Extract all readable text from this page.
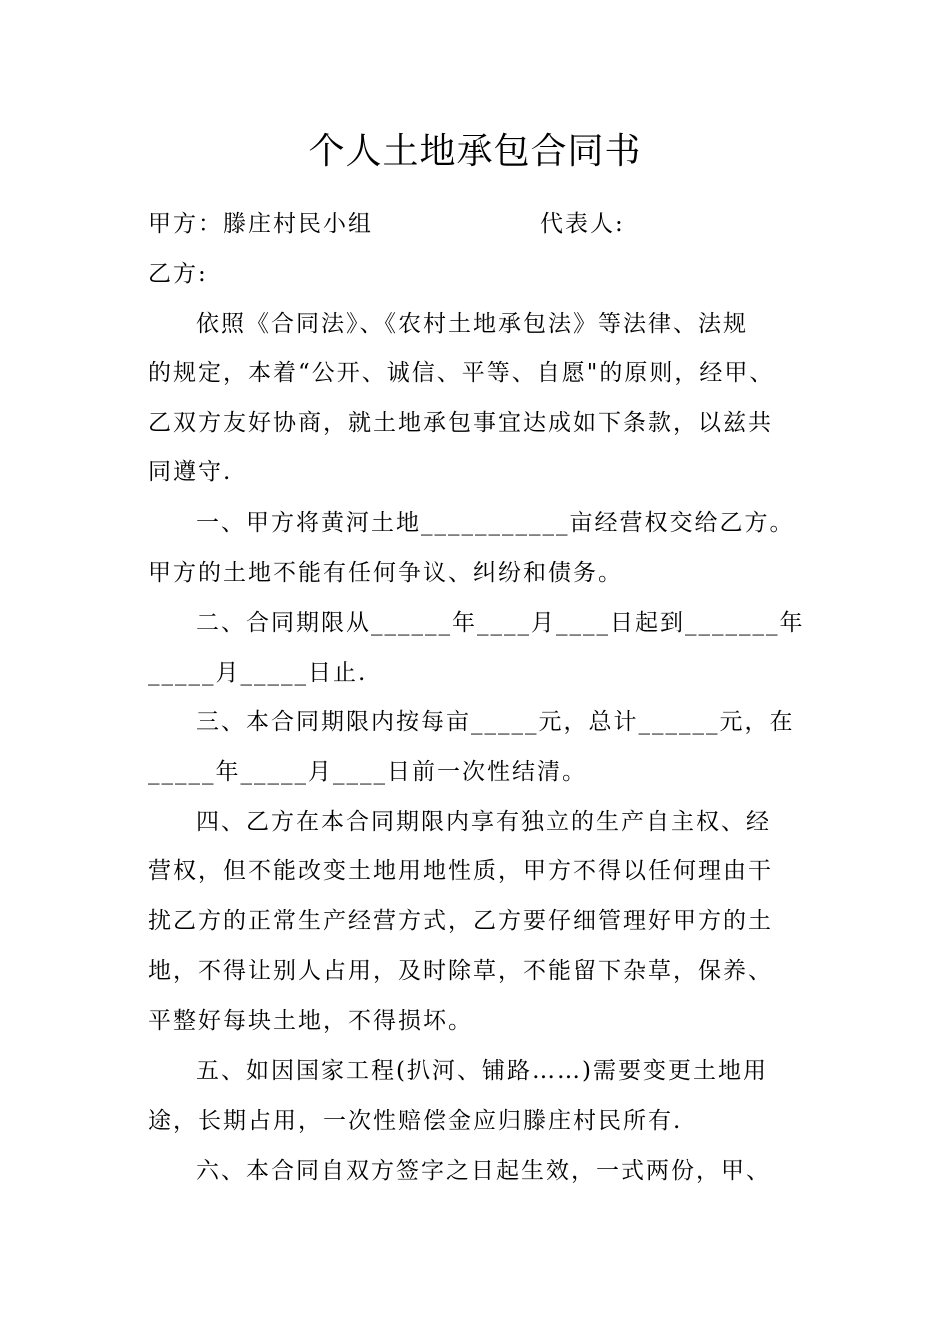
个人土地承包合同书
甲方：滕庄村民小组	代表人:
乙方:
依照《合同法》、《农村土地承包法》等法律、法规
的规定，本着“公开、诚信、平等、自愿"的原则，经甲、
乙双方友好协商，就土地承包事宜达成如下条款，以兹共
同遵守.
一、甲方将黄河土地___________亩经营权交给乙方。
甲方的土地不能有任何争议、纠纷和债务。
二、合同期限从______年____月____日起到_______年
_____月_____日止.
三、本合同期限内按每亩_____元，总计______元，在
_____年_____月____日前一次性结清。
四、乙方在本合同期限内享有独立的生产自主权、经
营权，但不能改变土地用地性质，甲方不得以任何理由干
扰乙方的正常生产经营方式，乙方要仔细管理好甲方的土
地，不得让别人占用，及时除草，不能留下杂草，保养、
平整好每块土地，不得损坏。
五、如因国家工程(扒河、铺路……)需要变更土地用
途，长期占用，一次性赔偿金应归滕庄村民所有.
六、本合同自双方签字之日起生效，一式两份，甲、
